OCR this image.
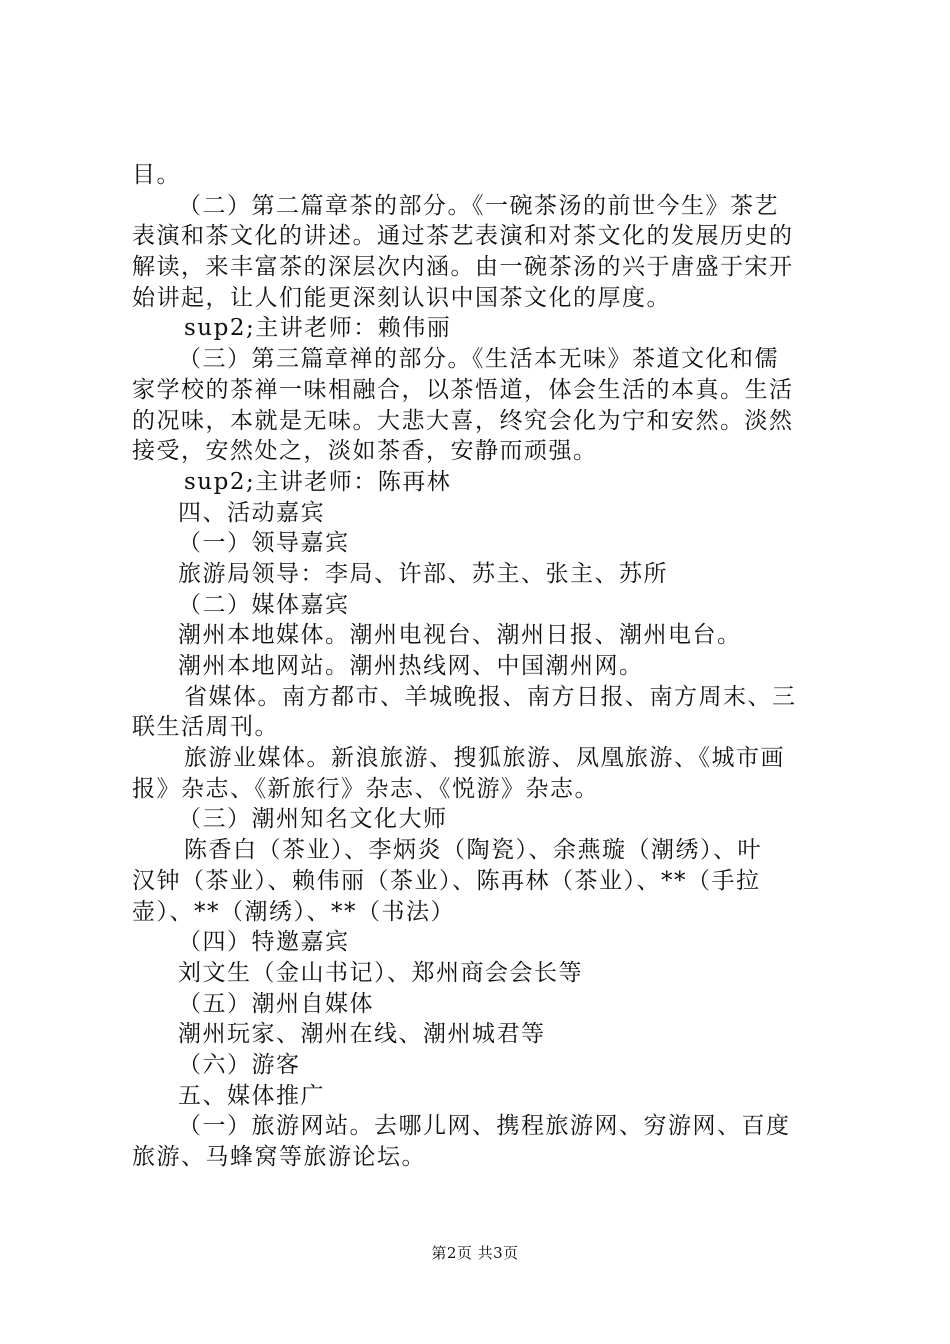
目。
（二）第二篇章茶的部分。《一碗茶汤的前世今生》茶艺
表演和茶文化的讲述。通过茶艺表演和对茶文化的发展历史的
解读，来丰富茶的深层次内涵。由一碗茶汤的兴于唐盛于宋开
始讲起，让人们能更深刻认识中国茶文化的厚度。
sup2;主讲老师：赖伟丽
（三）第三篇章禅的部分。《生活本无味》茶道文化和儒
家学校的茶禅一味相融合，以茶悟道，体会生活的本真。生活
的况味，本就是无味。大悲大喜，终究会化为宁和安然。淡然
接受，安然处之，淡如茶香，安静而顽强。
sup2;主讲老师：陈再林
四、活动嘉宾
（一）领导嘉宾
旅游局领导：李局、许部、苏主、张主、苏所
（二）媒体嘉宾
潮州本地媒体。潮州电视台、潮州日报、潮州电台。
潮州本地网站。潮州热线网、中国潮州网。
省媒体。南方都市、羊城晚报、南方日报、南方周末、三
联生活周刊。
旅游业媒体。新浪旅游、搜狐旅游、凤凰旅游、《城市画
报》杂志、《新旅行》杂志、《悦游》杂志。
（三）潮州知名文化大师
陈香白（茶业）、李炳炎（陶瓷）、余燕璇（潮绣）、叶
汉钟（茶业）、赖伟丽（茶业）、陈再林（茶业）、**（手拉
壶）、**（潮绣）、**（书法）
（四）特邀嘉宾
刘文生（金山书记）、郑州商会会长等
（五）潮州自媒体
潮州玩家、潮州在线、潮州城君等
（六）游客
五、媒体推广
（一）旅游网站。去哪儿网、携程旅游网、穷游网、百度
旅游、马蜂窝等旅游论坛。
第2页 共3页
